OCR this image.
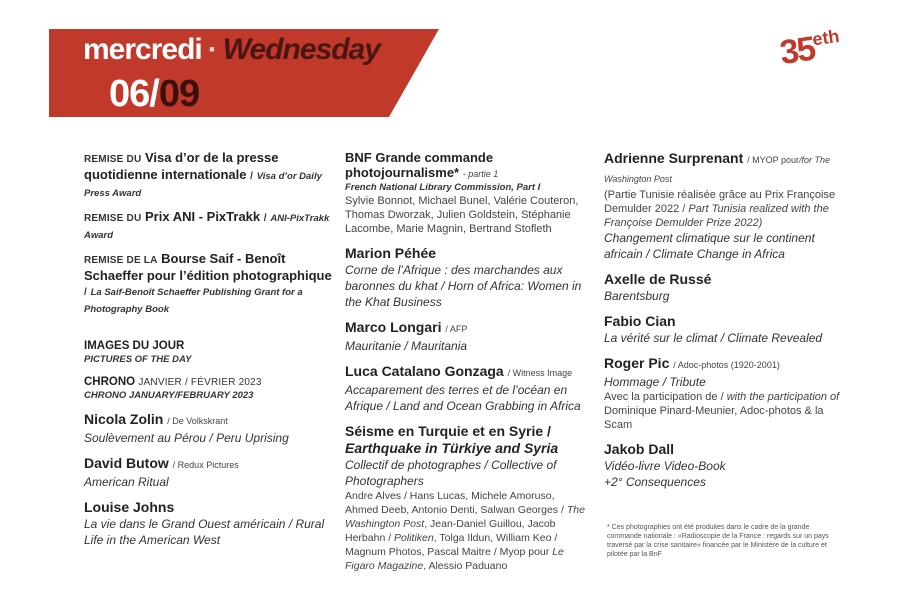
mercredi · Wednesday
06/09
35eth
REMISE DU Visa d’or de la presse quotidienne internationale / Visa d’or Daily Press Award
REMISE DU Prix ANI - PixTrakk / ANI-PixTrakk Award
REMISE DE LA Bourse Saif - Benoît Schaeffer pour l’édition photographique / La Saif-Benoît Schaeffer Publishing Grant for a Photography Book
IMAGES DU JOUR
PICTURES OF THE DAY
CHRONO JANVIER / FÉVRIER 2023
CHRONO JANUARY/FEBRUARY 2023
Nicola Zolin / De Volkskrant
Soulèvement au Pérou / Peru Uprising
David Butow / Redux Pictures
American Ritual
Louise Johns
La vie dans le Grand Ouest américain / Rural Life in the American West
BNF Grande commande photojournalisme* - partie 1
French National Library Commission, Part I
Sylvie Bonnot, Michael Bunel, Valérie Couteron, Thomas Dworzak, Julien Goldstein, Stéphanie Lacombe, Marie Magnin, Bertrand Stofleth
Marion Péhée
Corne de l’Afrique : des marchandes aux baronnes du khat / Horn of Africa: Women in the Khat Business
Marco Longari / AFP
Mauritanie / Mauritania
Luca Catalano Gonzaga / Witness Image
Accaparement des terres et de l’océan en Afrique / Land and Ocean Grabbing in Africa
Séisme en Turquie et en Syrie /
Earthquake in Türkiye and Syria
Collectif de photographes / Collective of Photographers
Andre Alves / Hans Lucas, Michele Amoruso, Ahmed Deeb, Antonio Denti, Salwan Georges / The Washington Post, Jean-Daniel Guillou, Jacob Herbahn / Politiken, Tolga Ildun, William Keo / Magnum Photos, Pascal Maitre / Myop pour Le Figaro Magazine, Alessio Paduano
Adrienne Surprenant / MYOP pour/for The Washington Post
(Partie Tunisie réalisée grâce au Prix Françoise Demulder 2022 / Part Tunisia realized with the Françoise Demulder Prize 2022)
Changement climatique sur le continent africain / Climate Change in Africa
Axelle de Russé
Barentsburg
Fabio Cian
La vérité sur le climat / Climate Revealed
Roger Pic / Adoc-photos (1920-2001)
Hommage / Tribute
Avec la participation de / with the participation of Dominique Pinard-Meunier, Adoc-photos & la Scam
Jakob Dall
Vidéo-livre Video-Book
+2° Consequences
* Ces photographies ont été produites dans le cadre de la grande commande nationale : «Radioscopie de la France : regards sur un pays traversé par la crise sanitaire» financée par le Ministère de la culture et pilotée par la BnF
